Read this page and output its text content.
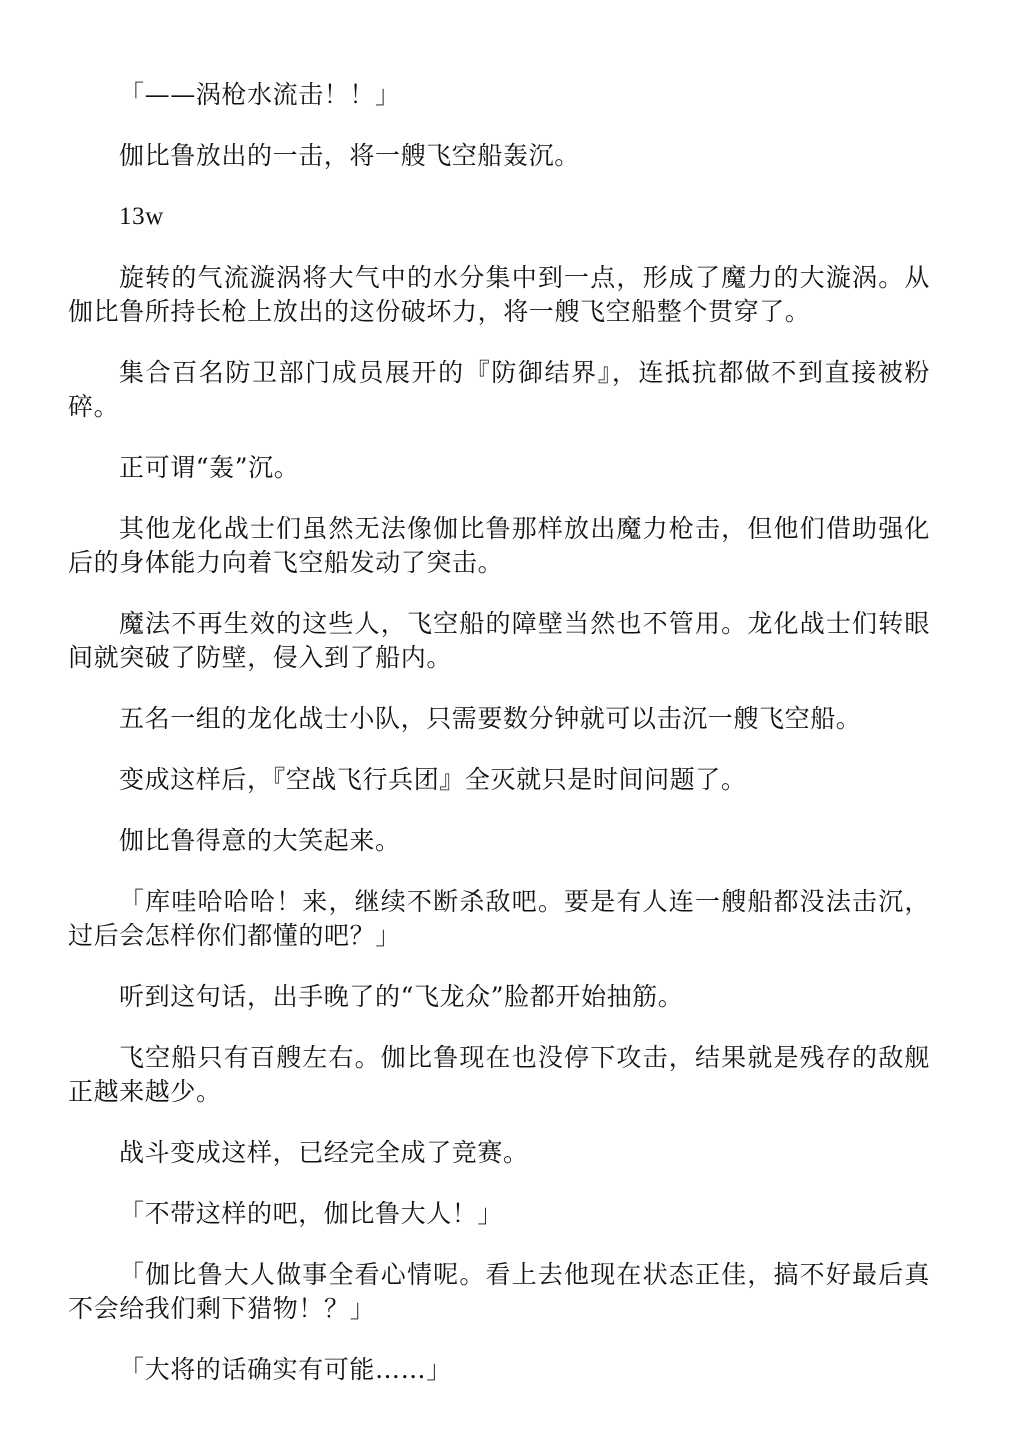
「——涡枪水流击！！」

伽比鲁放出的一击，将一艘飞空船轰沉。

13w

旋转的气流漩涡将大气中的水分集中到一点，形成了魔力的大漩涡。从伽比鲁所持长枪上放出的这份破坏力，将一艘飞空船整个贯穿了。

集合百名防卫部门成员展开的『防御结界』，连抵抗都做不到直接被粉碎。

正可谓“轰”沉。

其他龙化战士们虽然无法像伽比鲁那样放出魔力枪击，但他们借助强化后的身体能力向着飞空船发动了突击。

魔法不再生效的这些人，飞空船的障壁当然也不管用。龙化战士们转眼间就突破了防壁，侵入到了船内。

五名一组的龙化战士小队，只需要数分钟就可以击沉一艘飞空船。

变成这样后，『空战飞行兵团』全灭就只是时间问题了。

伽比鲁得意的大笑起来。

「库哇哈哈哈！来，继续不断杀敌吧。要是有人连一艘船都没法击沉，过后会怎样你们都懂的吧？」

听到这句话，出手晚了的“飞龙众”脸都开始抽筋。

飞空船只有百艘左右。伽比鲁现在也没停下攻击，结果就是残存的敌舰正越来越少。

战斗变成这样，已经完全成了竞赛。

「不带这样的吧，伽比鲁大人！」

「伽比鲁大人做事全看心情呢。看上去他现在状态正佳，搞不好最后真不会给我们剩下猎物！？」

「大将的话确实有可能……」
